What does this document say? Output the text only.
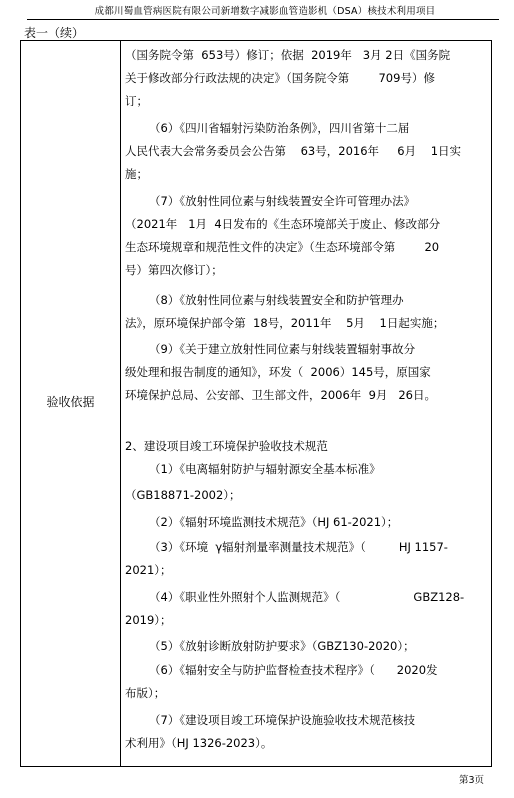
成都川蜀血管病医院有限公司新增数字减影血管造影机（DSA）核技术利用项目
表一（续）
验收依据
（国务院令第  653号）修订；依据  2019年   3月 2日《国务院
关于修改部分行政法规的决定》（国务院令第        709号）修
订；
（6）《四川省辐射污染防治条例》，四川省第十二届
人民代表大会常务委员会公告第    63号，2016年     6月    1日实
施；
（7）《放射性同位素与射线装置安全许可管理办法》
（2021年   1月  4日发布的《生态环境部关于废止、修改部分
生态环境规章和规范性文件的决定》（生态环境部令第        20
号）第四次修订）；
（8）《放射性同位素与射线装置安全和防护管理办
法》，原环境保护部令第  18号，2011年    5月    1日起实施；
（9）《关于建立放射性同位素与射线装置辐射事故分
级处理和报告制度的通知》，环发（  2006）145号，原国家
环境保护总局、公安部、卫生部文件，2006年  9月   26日。
2、建设项目竣工环境保护验收技术规范
（1）《电离辐射防护与辐射源安全基本标准》
（GB18871-2002）；
（2）《辐射环境监测技术规范》（HJ 61-2021）；
（3）《环境  γ辐射剂量率测量技术规范》（         HJ 1157-
2021）；
（4）《职业性外照射个人监测规范》（                    GBZ128-
2019）；
（5）《放射诊断放射防护要求》（GBZ130-2020）；
（6）《辐射安全与防护监督检查技术程序》（      2020发
布版）；
（7）《建设项目竣工环境保护设施验收技术规范核技
术利用》（HJ 1326-2023）。
第3页
